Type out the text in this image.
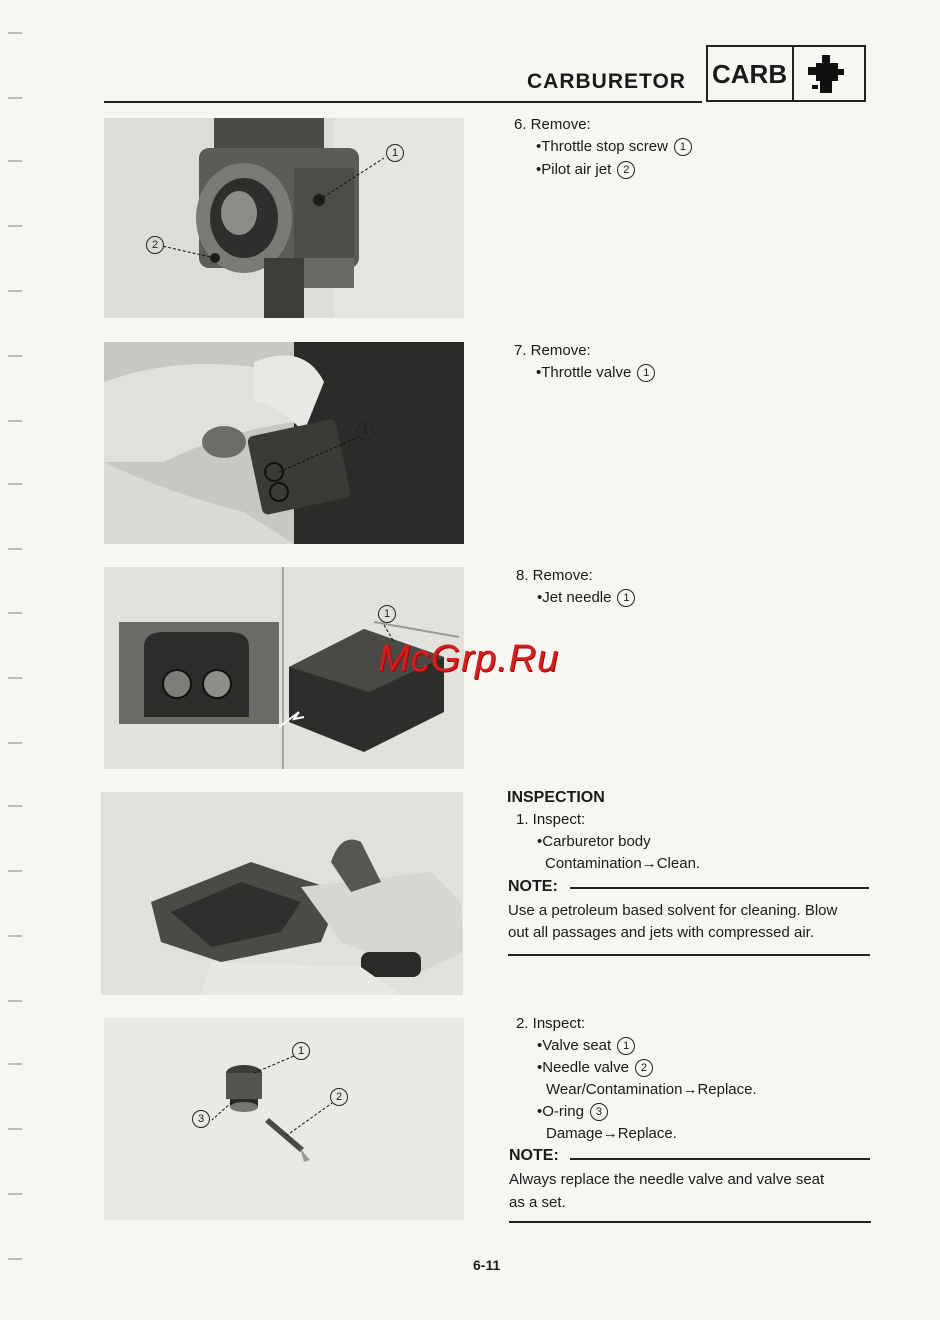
CARBURETOR CARB
1
2
1
1
1
2
3
6. Remove:
•Throttle stop screw 1
•Pilot air jet 2
7. Remove:
•Throttle valve 1
8. Remove:
•Jet needle 1
INSPECTION
1. Inspect:
•Carburetor body
Contamination→Clean.
NOTE:
Use a petroleum based solvent for cleaning. Blow
out all passages and jets with compressed air.
2. Inspect:
•Valve seat 1
•Needle valve 2
Wear/Contamination→Replace.
•O-ring 3
Damage→Replace.
NOTE:
Always replace the needle valve and valve seat
as a set.
McGrp.Ru
6-11
